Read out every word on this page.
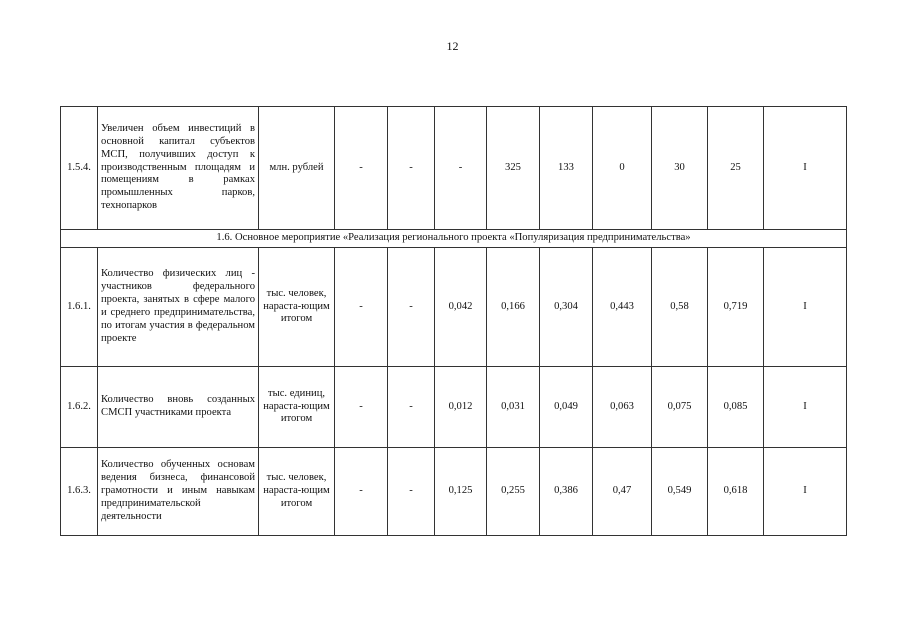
12
1.5.4.	Увеличен объем инвестиций в основной капитал субъектов МСП, получивших доступ к производственным площадям и помещениям в рамках промышленных парков, технопарков	млн. рублей	-	-	-	325	133	0	30	25	I
1.6. Основное мероприятие «Реализация регионального проекта «Популяризация предпринимательства»											
1.6.1.	Количество физических лиц - участников федерального проекта, занятых в сфере малого и среднего предпринимательства, по итогам участия в федеральном проекте	тыс. человек, нараста-ющим итогом	-	-	0,042	0,166	0,304	0,443	0,58	0,719	I
1.6.2.	Количество вновь созданных СМСП участниками проекта	тыс. единиц, нараста-ющим итогом	-	-	0,012	0,031	0,049	0,063	0,075	0,085	I
1.6.3.	Количество обученных основам ведения бизнеса, финансовой грамотности и иным навыкам предпринимательской деятельности	тыс. человек, нараста-ющим итогом	-	-	0,125	0,255	0,386	0,47	0,549	0,618	I
